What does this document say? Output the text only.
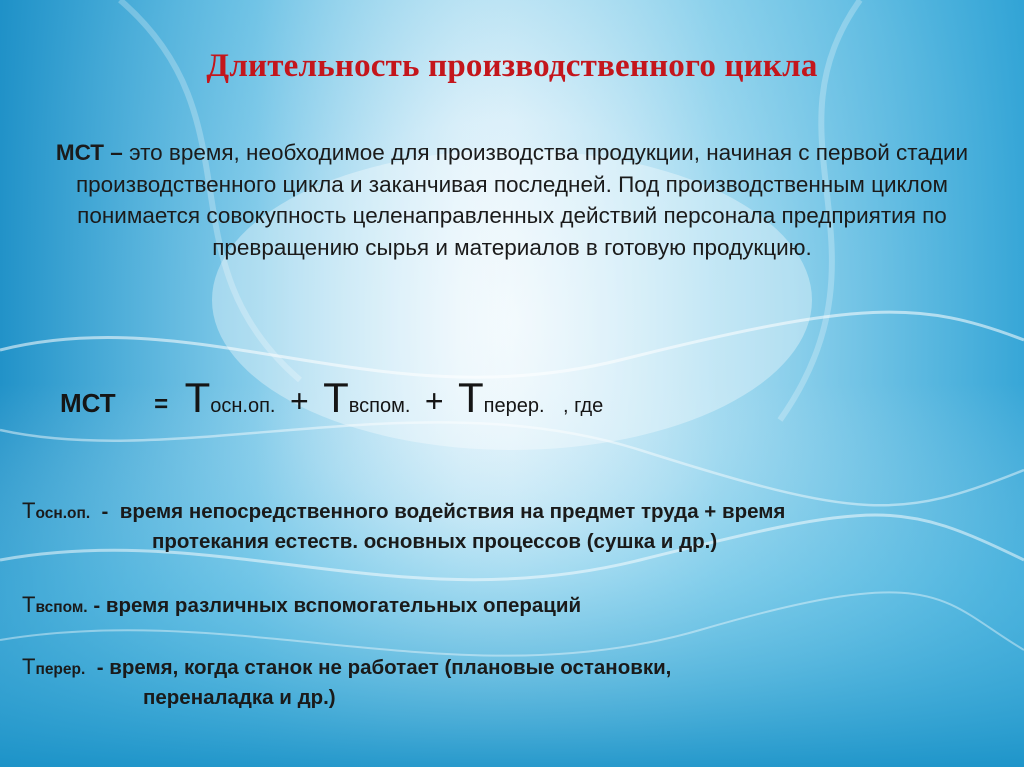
Длительность производственного цикла
МСТ – это время, необходимое для производства продукции, начиная с первой стадии производственного цикла и заканчивая последней. Под производственным циклом понимается совокупность целенаправленных действий персонала предприятия по превращению сырья и материалов в готовую продукцию.
МСТ = Тосн.оп. + Твспом. + Тперер. , где
Тосн.оп.  -  время непосредственного водействия на предмет труда + время
протекания естеств. основных процессов (сушка и др.)
Твспом. - время различных вспомогательных операций
Тперер.  - время, когда станок не работает (плановые остановки,
переналадка и др.)
